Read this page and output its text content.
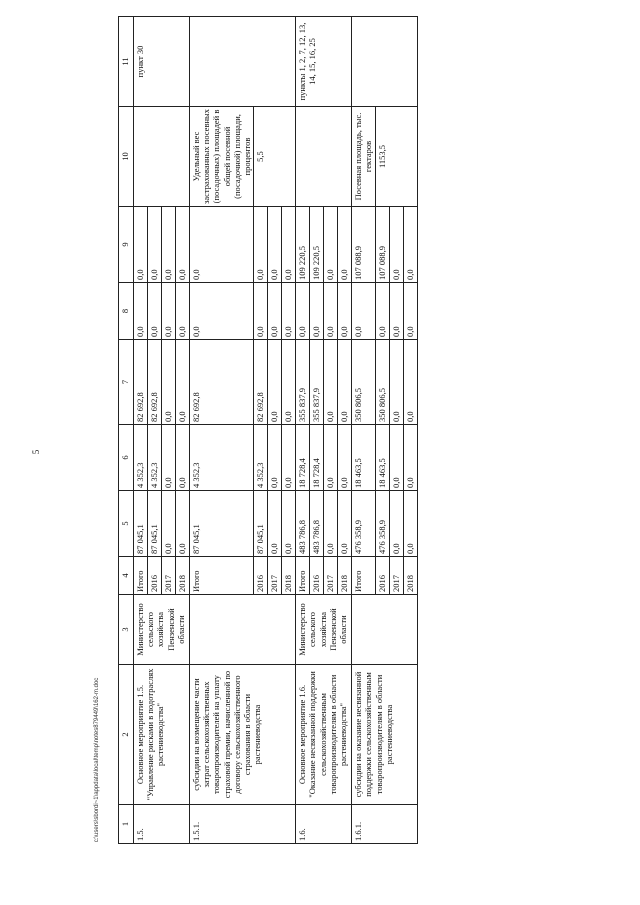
5
c:\users\sbordi~1\appdata\local\temp\notes879449\162-m.doc 1	2	3	4	5	6	7	8	9	10	11
1.5.	Основное мероприятие 1.5. "Управление рисками в подотраслях растениеводства"	Министерство сельского хозяйства Пензенской области	Итого	87 045,1	4 352,3	82 692,8	0,0	0,0		пункт 30
			2016	87 045,1	4 352,3	82 692,8	0,0	0,0		
			2017	0,0	0,0	0,0	0,0	0,0		
			2018	0,0	0,0	0,0	0,0	0,0		
1.5.1.	субсидии на возмещение части затрат сельскохозяйственных товаропроизводителей на уплату страховой премии, начисленной по договору сельскохозяйственного страхования в области растениеводства		Итого	87 045,1	4 352,3	82 692,8	0,0	0,0	Удельный вес застрахованных посевных (посадочных) площадей в общей посевной (посадочной) площади, процентов	
			2016	87 045,1	4 352,3	82 692,8	0,0	0,0	5,5	
			2017	0,0	0,0	0,0	0,0	0,0		
			2018	0,0	0,0	0,0	0,0	0,0		
1.6.	Основное мероприятие 1.6. "Оказание несвязанной поддержки сельскохозяйственным товаропроизводителям в области растениеводства"	Министерство сельского хозяйства Пензенской области	Итого	483 786,8	18 728,4	355 837,9	0,0	109 220,5		пункты 1, 2, 7, 12, 13, 14, 15, 16, 25
			2016	483 786,8	18 728,4	355 837,9	0,0	109 220,5		
			2017	0,0	0,0	0,0	0,0	0,0		
			2018	0,0	0,0	0,0	0,0	0,0		
1.6.1.	субсидии на оказание несвязанной поддержки сельскохозяйственным товаропроизводителям в области растениеводства		Итого	476 358,9	18 463,5	350 806,5	0,0	107 088,9	Посевная площадь, тыс. гектаров	
			2016	476 358,9	18 463,5	350 806,5	0,0	107 088,9	1153,5	
			2017	0,0	0,0	0,0	0,0	0,0		
			2018	0,0	0,0	0,0	0,0	0,0		
